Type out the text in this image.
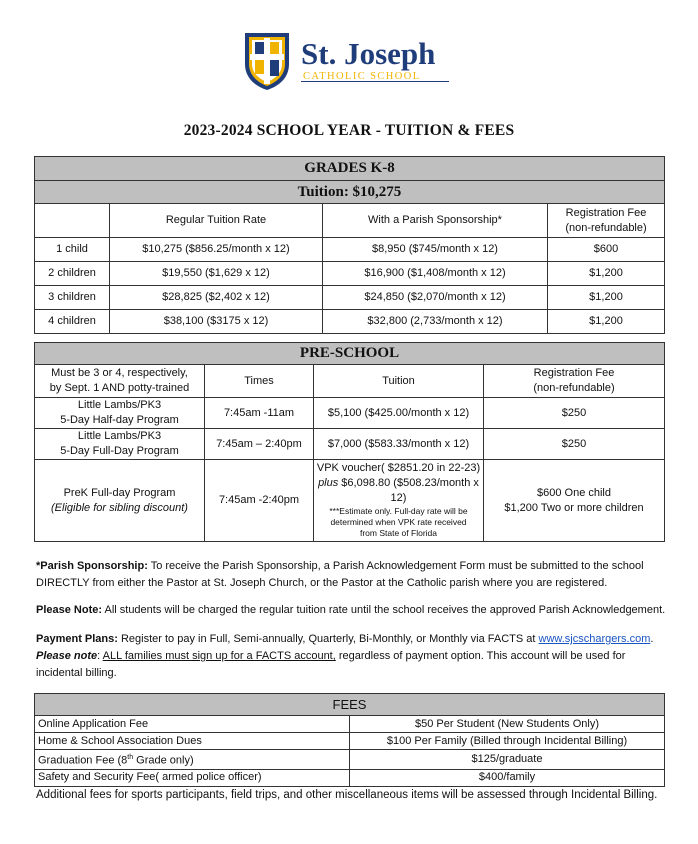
St. Joseph
CATHOLIC SCHOOL
2023-2024 SCHOOL YEAR - TUITION & FEES
GRADES K-8			
Tuition: $10,275			
	Regular Tuition Rate	With a Parish Sponsorship*	Registration Fee
(non-refundable)
1 child	$10,275 ($856.25/month x 12)	$8,950 ($745/month x 12)	$600
2 children	$19,550 ($1,629 x 12)	$16,900 ($1,408/month x 12)	$1,200
3 children	$28,825 ($2,402 x 12)	$24,850 ($2,070/month x 12)	$1,200
4 children	$38,100 ($3175 x 12)	$32,800 (2,733/month x 12)	$1,200
PRE-SCHOOL			
Must be 3 or 4, respectively,
by Sept. 1 AND potty-trained	Times	Tuition	Registration Fee
(non-refundable)
Little Lambs/PK3
5-Day Half-day Program	7:45am -11am	$5,100 ($425.00/month x 12)	$250
Little Lambs/PK3
5-Day Full-Day Program	7:45am – 2:40pm	$7,000 ($583.33/month x 12)	$250
PreK Full-day Program
(Eligible for sibling discount)	7:45am -2:40pm	VPK voucher( $2851.20 in 22-23)
plus $6,098.80 ($508.23/month x 12)
***Estimate only. Full-day rate will be determined when VPK rate received from State of Florida	$600 One child
$1,200 Two or more children
*Parish Sponsorship: To receive the Parish Sponsorship, a Parish Acknowledgement Form must be submitted to the school DIRECTLY from either the Pastor at St. Joseph Church, or the Pastor at the Catholic parish where you are registered.
Please Note: All students will be charged the regular tuition rate until the school receives the approved Parish Acknowledgement.
Payment Plans: Register to pay in Full, Semi-annually, Quarterly, Bi-Monthly, or Monthly via FACTS at www.sjcschargers.com.
Please note: ALL families must sign up for a FACTS account, regardless of payment option. This account will be used for incidental billing.
FEES	
Online Application Fee	$50 Per Student (New Students Only)
Home & School Association Dues	$100 Per Family (Billed through Incidental Billing)
Graduation Fee (8th Grade only)	$125/graduate
Safety and Security Fee( armed police officer)	$400/family
Additional fees for sports participants, field trips, and other miscellaneous items will be assessed through Incidental Billing.
